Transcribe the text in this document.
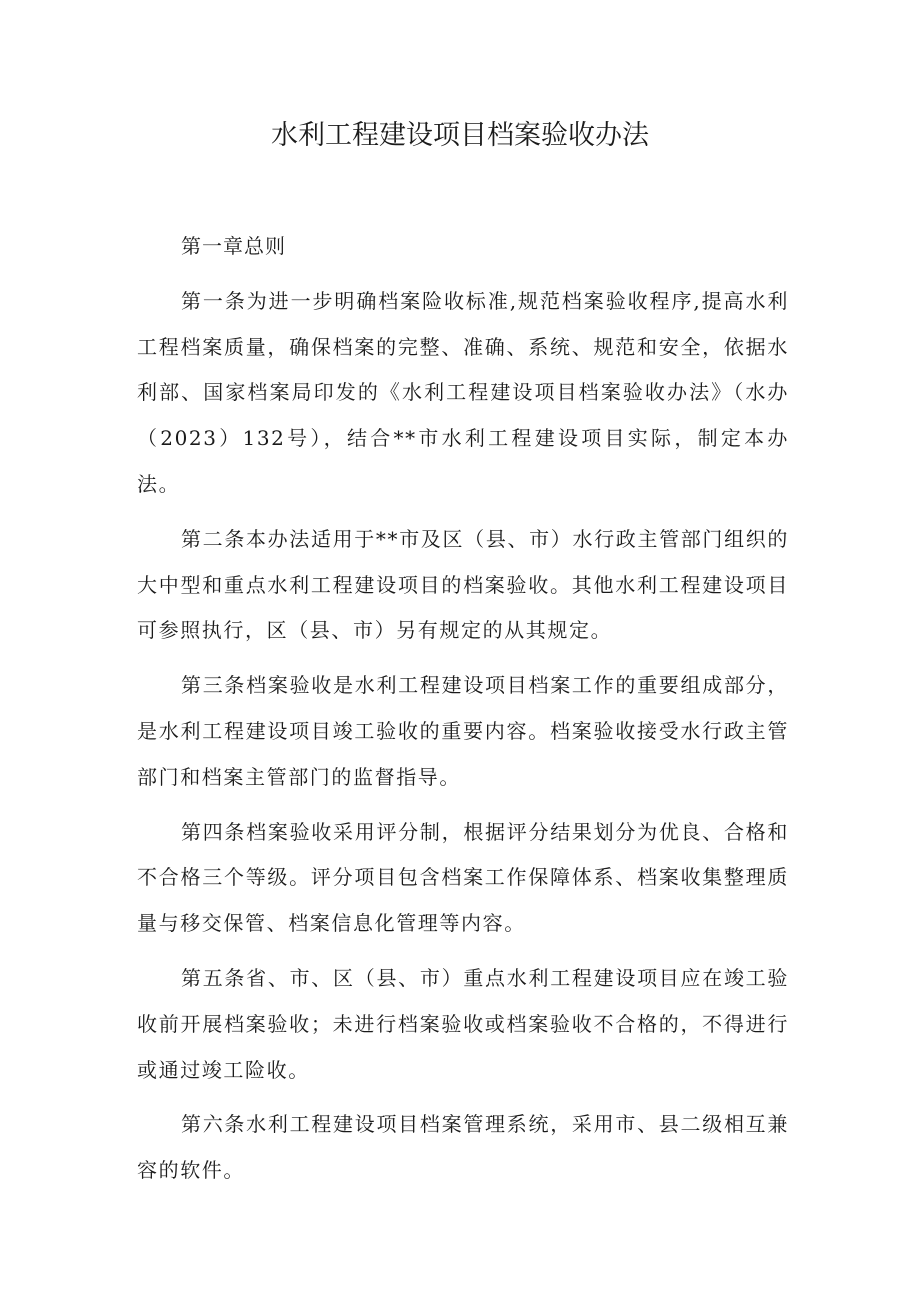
水利工程建设项目档案验收办法

第一章总则

第一条为进一步明确档案险收标准,规范档案验收程序,提高水利工程档案质量，确保档案的完整、准确、系统、规范和安全，依据水利部、国家档案局印发的《水利工程建设项目档案验收办法》（水办（2023）132号），结合**市水利工程建设项目实际，制定本办法。

第二条本办法适用于**市及区（县、市）水行政主管部门组织的大中型和重点水利工程建设项目的档案验收。其他水利工程建设项目可参照执行，区（县、市）另有规定的从其规定。

第三条档案验收是水利工程建设项目档案工作的重要组成部分，是水利工程建设项目竣工验收的重要内容。档案验收接受水行政主管部门和档案主管部门的监督指导。

第四条档案验收采用评分制，根据评分结果划分为优良、合格和不合格三个等级。评分项目包含档案工作保障体系、档案收集整理质量与移交保管、档案信息化管理等内容。

第五条省、市、区（县、市）重点水利工程建设项目应在竣工验收前开展档案验收；未进行档案验收或档案验收不合格的，不得进行或通过竣工险收。

第六条水利工程建设项目档案管理系统，采用市、县二级相互兼容的软件。
